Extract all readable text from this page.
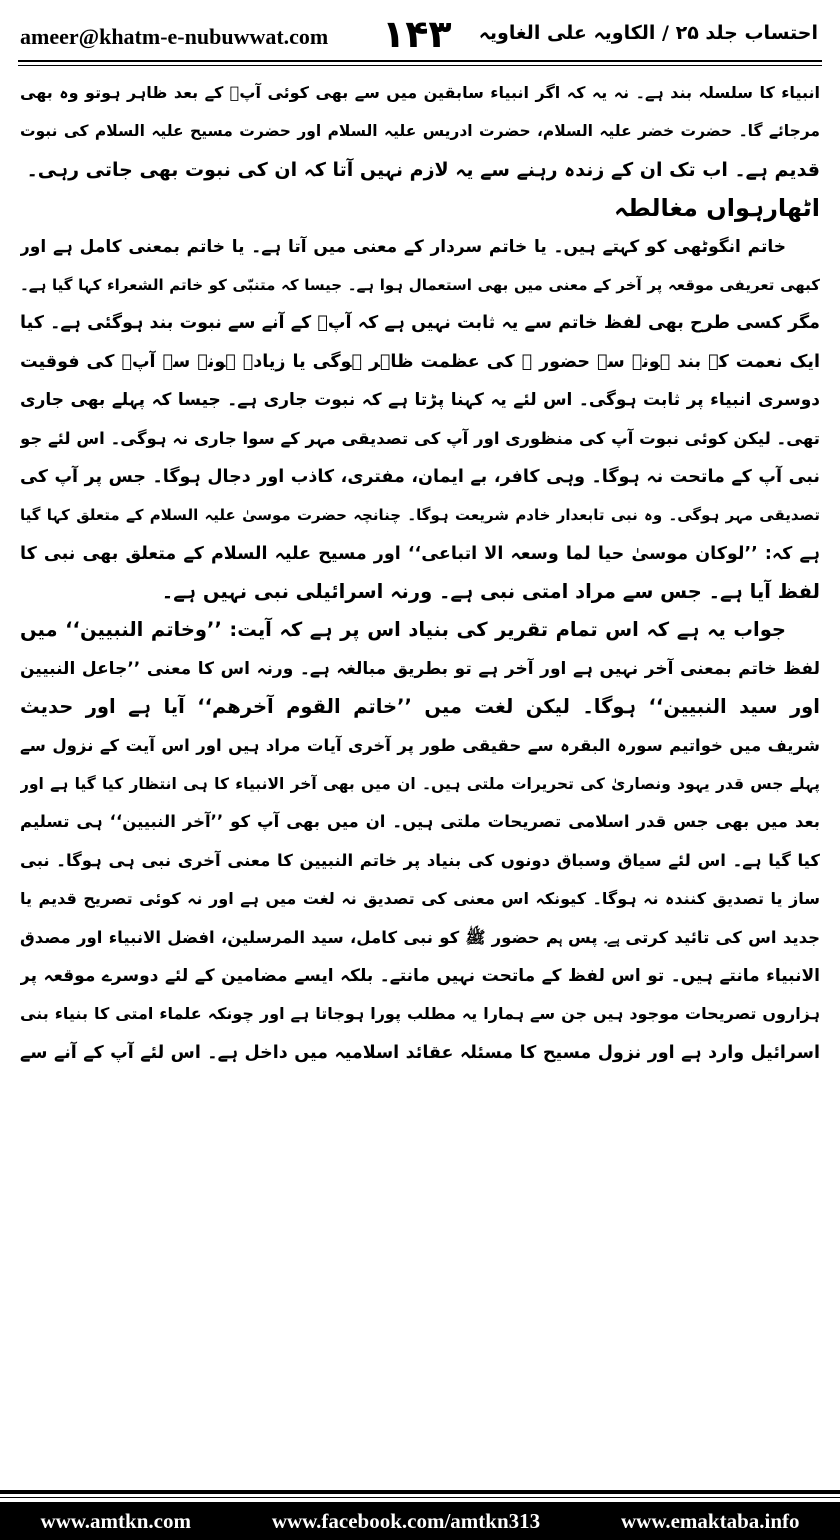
ameer@khatm-e-nubuwwat.com ۱۴۳ احتساب جلد ۲۵ / الکاویہ علی الغاویہ
انبیاء کا سلسلہ بند ہے۔ نہ یہ کہ اگر انبیاء سابقین میں سے بھی کوئی آپؐ کے بعد ظاہر ہوتو وہ بھی
مرجائے گا۔ حضرت خضر علیہ السلام، حضرت ادریس علیہ السلام اور حضرت مسیح علیہ السلام کی نبوت
قدیم ہے۔ اب تک ان کے زندہ رہنے سے یہ لازم نہیں آتا کہ ان کی نبوت بھی جاتی رہی۔
اٹھارہواں مغالطہ
خاتم انگوٹھی کو کہتے ہیں۔ یا خاتم سردار کے معنی میں آتا ہے۔ یا خاتم بمعنی کامل ہے اور
کبھی تعریفی موقعہ پر آخر کے معنی میں بھی استعمال ہوا ہے۔ جیسا کہ متنبّی کو خاتم الشعراء کہا گیا ہے۔
مگر کسی طرح بھی لفظ خاتم سے یہ ثابت نہیں ہے کہ آپؐ کے آنے سے نبوت بند ہوگئی ہے۔ کیا
ایک نعمت کے بند ہونے سے حضور ﷺ کی عظمت ظاہر ہوگی یا زیادہ ہونے سے آپؐ کی فوقیت
دوسری انبیاء پر ثابت ہوگی۔ اس لئے یہ کہنا پڑتا ہے کہ نبوت جاری ہے۔ جیسا کہ پہلے بھی جاری
تھی۔ لیکن کوئی نبوت آپ کی منظوری اور آپ کی تصدیقی مہر کے سوا جاری نہ ہوگی۔ اس لئے جو
نبی آپ کے ماتحت نہ ہوگا۔ وہی کافر، بے ایمان، مفتری، کاذب اور دجال ہوگا۔ جس پر آپ کی
تصدیقی مہر ہوگی۔ وہ نبی تابعدار خادم شریعت ہوگا۔ چنانچہ حضرت موسیٰ علیہ السلام کے متعلق کہا گیا
ہے کہ: ’’لوکان موسیٰ حیا لما وسعہ الا اتباعی‘‘ اور مسیح علیہ السلام کے متعلق بھی نبی کا
لفظ آیا ہے۔ جس سے مراد امتی نبی ہے۔ ورنہ اسرائیلی نبی نہیں ہے۔
جواب یہ ہے کہ اس تمام تقریر کی بنیاد اس پر ہے کہ آیت: ’’وخاتم النبیین‘‘ میں
لفظ خاتم بمعنی آخر نہیں ہے اور آخر ہے تو بطریق مبالغہ ہے۔ ورنہ اس کا معنی ’’جاعل النبیین
اور سید النبیین‘‘ ہوگا۔ لیکن لغت میں ’’خاتم القوم آخرھم‘‘ آیا ہے اور حدیث
شریف میں خواتیم سورہ البقرہ سے حقیقی طور پر آخری آیات مراد ہیں اور اس آیت کے نزول سے
پہلے جس قدر یہود ونصاریٰ کی تحریرات ملتی ہیں۔ ان میں بھی آخر الانبیاء کا ہی انتظار کیا گیا ہے اور
بعد میں بھی جس قدر اسلامی تصریحات ملتی ہیں۔ ان میں بھی آپ کو ’’آخر النبیین‘‘ ہی تسلیم
کیا گیا ہے۔ اس لئے سیاق وسباق دونوں کی بنیاد پر خاتم النبیین کا معنی آخری نبی ہی ہوگا۔ نبی
ساز یا تصدیق کنندہ نہ ہوگا۔ کیونکہ اس معنی کی تصدیق نہ لغت میں ہے اور نہ کوئی تصریح قدیم یا
جدید اس کی تائید کرتی ہے۔ پس ہم حضور ﷺ کو نبی کامل، سید المرسلین، افضل الانبیاء اور مصدق
الانبیاء مانتے ہیں۔ تو اس لفظ کے ماتحت نہیں مانتے۔ بلکہ ایسے مضامین کے لئے دوسرے موقعہ پر
ہزاروں تصریحات موجود ہیں جن سے ہمارا یہ مطلب پورا ہوجاتا ہے اور چونکہ علماء امتی کا بنیاء بنی
اسرائیل وارد ہے اور نزول مسیح کا مسئلہ عقائد اسلامیہ میں داخل ہے۔ اس لئے آپ کے آنے سے
www.amtkn.com	www.facebook.com/amtkn313	www.emaktaba.info
